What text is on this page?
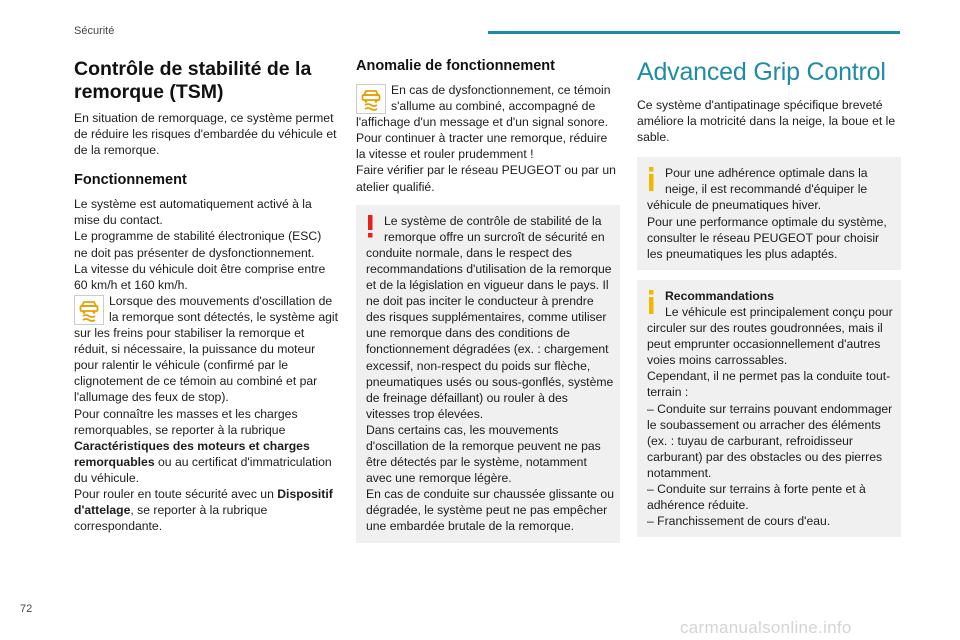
Sécurité
Contrôle de stabilité de la remorque (TSM)

En situation de remorquage, ce système permet de réduire les risques d'embardée du véhicule et de la remorque.

Fonctionnement

Le système est automatiquement activé à la mise du contact.

Le programme de stabilité électronique (ESC) ne doit pas présenter de dysfonctionnement.

La vitesse du véhicule doit être comprise entre 60 km/h et 160 km/h.

Lorsque des mouvements d'oscillation de la remorque sont détectés, le système agit sur les freins pour stabiliser la remorque et réduit, si nécessaire, la puissance du moteur pour ralentir le véhicule (confirmé par le clignotement de ce témoin au combiné et par l'allumage des feux de stop).

Pour connaître les masses et les charges remorquables, se reporter à la rubrique Caractéristiques des moteurs et charges remorquables ou au certificat d'immatriculation du véhicule.

Pour rouler en toute sécurité avec un Dispositif d'attelage, se reporter à la rubrique correspondante.

Anomalie de fonctionnement

En cas de dysfonctionnement, ce témoin s'allume au combiné, accompagné de l'affichage d'un message et d'un signal sonore.

Pour continuer à tracter une remorque, réduire la vitesse et rouler prudemment !

Faire vérifier par le réseau PEUGEOT ou par un atelier qualifié.

Le système de contrôle de stabilité de la remorque offre un surcroît de sécurité en conduite normale, dans le respect des recommandations d'utilisation de la remorque et de la législation en vigueur dans le pays. Il ne doit pas inciter le conducteur à prendre des risques supplémentaires, comme utiliser une remorque dans des conditions de fonctionnement dégradées (ex. : chargement excessif, non-respect du poids sur flèche, pneumatiques usés ou sous-gonflés, système de freinage défaillant) ou rouler à des vitesses trop élevées.

Dans certains cas, les mouvements d'oscillation de la remorque peuvent ne pas être détectés par le système, notamment avec une remorque légère.

En cas de conduite sur chaussée glissante ou dégradée, le système peut ne pas empêcher une embardée brutale de la remorque.

Advanced Grip Control

Ce système d'antipatinage spécifique breveté améliore la motricité dans la neige, la boue et le sable.

Pour une adhérence optimale dans la neige, il est recommandé d'équiper le véhicule de pneumatiques hiver.

Pour une performance optimale du système, consulter le réseau PEUGEOT pour choisir les pneumatiques les plus adaptés.

Recommandations

Le véhicule est principalement conçu pour circuler sur des routes goudronnées, mais il peut emprunter occasionnellement d'autres voies moins carrossables.

Cependant, il ne permet pas la conduite tout-terrain :

– Conduite sur terrains pouvant endommager le soubassement ou arracher des éléments (ex. : tuyau de carburant, refroidisseur carburant) par des obstacles ou des pierres notamment.

– Conduite sur terrains à forte pente et à adhérence réduite.

– Franchissement de cours d'eau.

72
carmanualsonline.info
